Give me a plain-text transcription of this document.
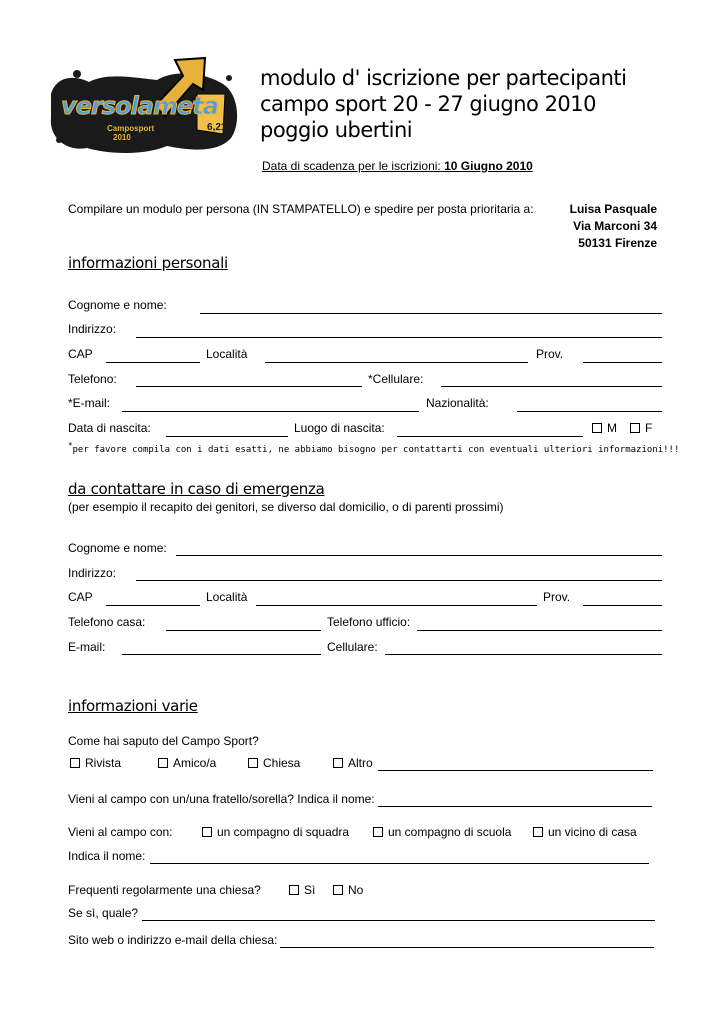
versolameta
Camposport
2010
6,21
modulo d' iscrizione per partecipanti
campo sport 20 - 27 giugno 2010
poggio ubertini
Data di scadenza per le iscrizioni: 10 Giugno 2010
Compilare un modulo per persona (IN STAMPATELLO) e spedire per posta prioritaria a:	Luisa Pasquale
Via Marconi 34
50131 Firenze
informazioni personali
Cognome e nome:
Indirizzo:
CAP	Località	Prov.
Telefono:	*Cellulare:
*E-mail:	Nazionalità:
Data di nascita:	Luogo di nascita:	M	F
*per favore compila con i dati esatti, ne abbiamo bisogno per contattarti con eventuali ulteriori informazioni!!!
da contattare in caso di emergenza
(per esempio il recapito dei genitori, se diverso dal domicilio, o di parenti prossimi)
Cognome e nome:
Indirizzo:
CAP	Località	Prov.
Telefono casa:	Telefono ufficio:
E-mail:	Cellulare:
informazioni varie
Come hai saputo del Campo Sport?
Rivista	Amico/a	Chiesa	Altro
Vieni al campo con un/una fratello/sorella? Indica il nome:
Vieni al campo con:	un compagno di squadra	un compagno di scuola	un vicino di casa
Indica il nome:
Frequenti regolarmente una chiesa?	Sì	No
Se sì, quale?
Sito web o indirizzo e-mail della chiesa:
